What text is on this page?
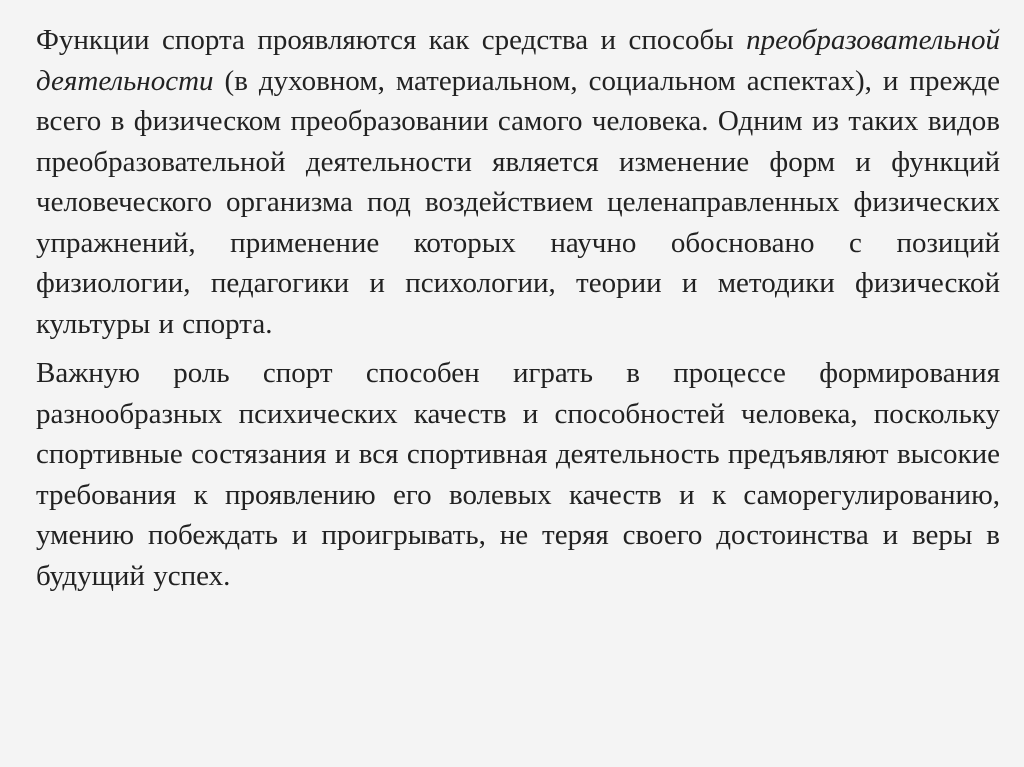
Функции спорта проявляются как средства и способы преобразовательной деятельности (в духовном, материальном, социальном аспектах), и прежде всего в физическом преобразовании самого человека. Одним из таких видов преобразовательной деятельности является изменение форм и функций человеческого организма под воздействием целенаправленных физических упражнений, применение которых научно обосновано с позиций физиологии, педагогики и психологии, теории и методики физической культуры и спорта.

Важную роль спорт способен играть в процессе формирования разнообразных психических качеств и способностей человека, поскольку спортивные состязания и вся спортивная деятельность предъявляют высокие требования к проявлению его волевых качеств и к саморегулированию, умению побеждать и проигрывать, не теряя своего достоинства и веры в будущий успех.
